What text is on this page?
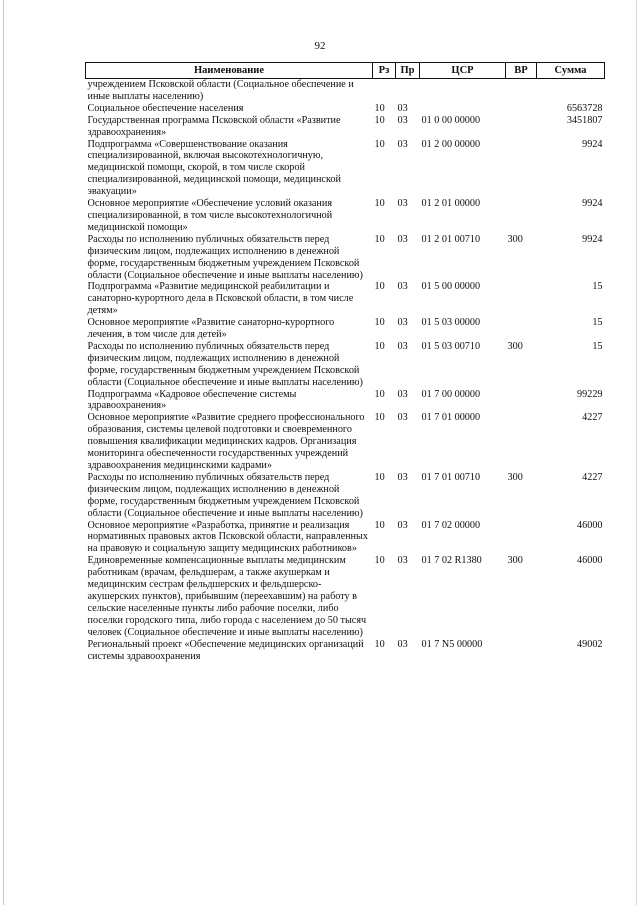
92
Наименование	Рз	Пр	ЦСР	ВР	Сумма
учреждением Псковской области (Социальное обеспечение и иные выплаты населению)					
Социальное обеспечение населения	10	03			6563728
Государственная программа Псковской области «Развитие здравоохранения»	10	03	01 0 00 00000		3451807
Подпрограмма «Совершенствование оказания специализированной, включая высокотехнологичную, медицинской помощи, скорой, в том числе скорой специализированной, медицинской помощи, медицинской эвакуации»	10	03	01 2 00 00000		9924
Основное мероприятие «Обеспечение условий оказания специализированной, в том числе высокотехнологичной медицинской помощи»	10	03	01 2 01 00000		9924
Расходы по исполнению публичных обязательств перед физическим лицом, подлежащих исполнению в денежной форме, государственным бюджетным учреждением Псковской области (Социальное обеспечение и иные выплаты населению)	10	03	01 2 01 00710	300	9924
Подпрограмма «Развитие медицинской реабилитации и санаторно-курортного дела в Псковской области, в том числе детям»	10	03	01 5 00 00000		15
Основное мероприятие «Развитие санаторно-курортного лечения, в том числе для детей»	10	03	01 5 03 00000		15
Расходы по исполнению публичных обязательств перед физическим лицом, подлежащих исполнению в денежной форме, государственным бюджетным учреждением Псковской области (Социальное обеспечение и иные выплаты населению)	10	03	01 5 03 00710	300	15
Подпрограмма «Кадровое обеспечение системы здравоохранения»	10	03	01 7 00 00000		99229
Основное мероприятие «Развитие среднего профессионального образования, системы целевой подготовки и своевременного повышения квалификации медицинских кадров. Организация мониторинга обеспеченности государственных учреждений здравоохранения медицинскими кадрами»	10	03	01 7 01 00000		4227
Расходы по исполнению публичных обязательств перед физическим лицом, подлежащих исполнению в денежной форме, государственным бюджетным учреждением Псковской области (Социальное обеспечение и иные выплаты населению)	10	03	01 7 01 00710	300	4227
Основное мероприятие «Разработка, принятие и реализация нормативных правовых актов Псковской области, направленных на правовую и социальную защиту медицинских работников»	10	03	01 7 02 00000		46000
Единовременные компенсационные выплаты медицинским работникам (врачам, фельдшерам, а также акушеркам и медицинским сестрам фельдшерских и фельдшерско-акушерских пунктов), прибывшим (переехавшим) на работу в сельские населенные пункты либо рабочие поселки, либо поселки городского типа, либо города с населением до 50 тысяч человек (Социальное обеспечение и иные выплаты населению)	10	03	01 7 02 R1380	300	46000
Региональный проект «Обеспечение медицинских организаций системы здравоохранения	10	03	01 7 N5 00000		49002
